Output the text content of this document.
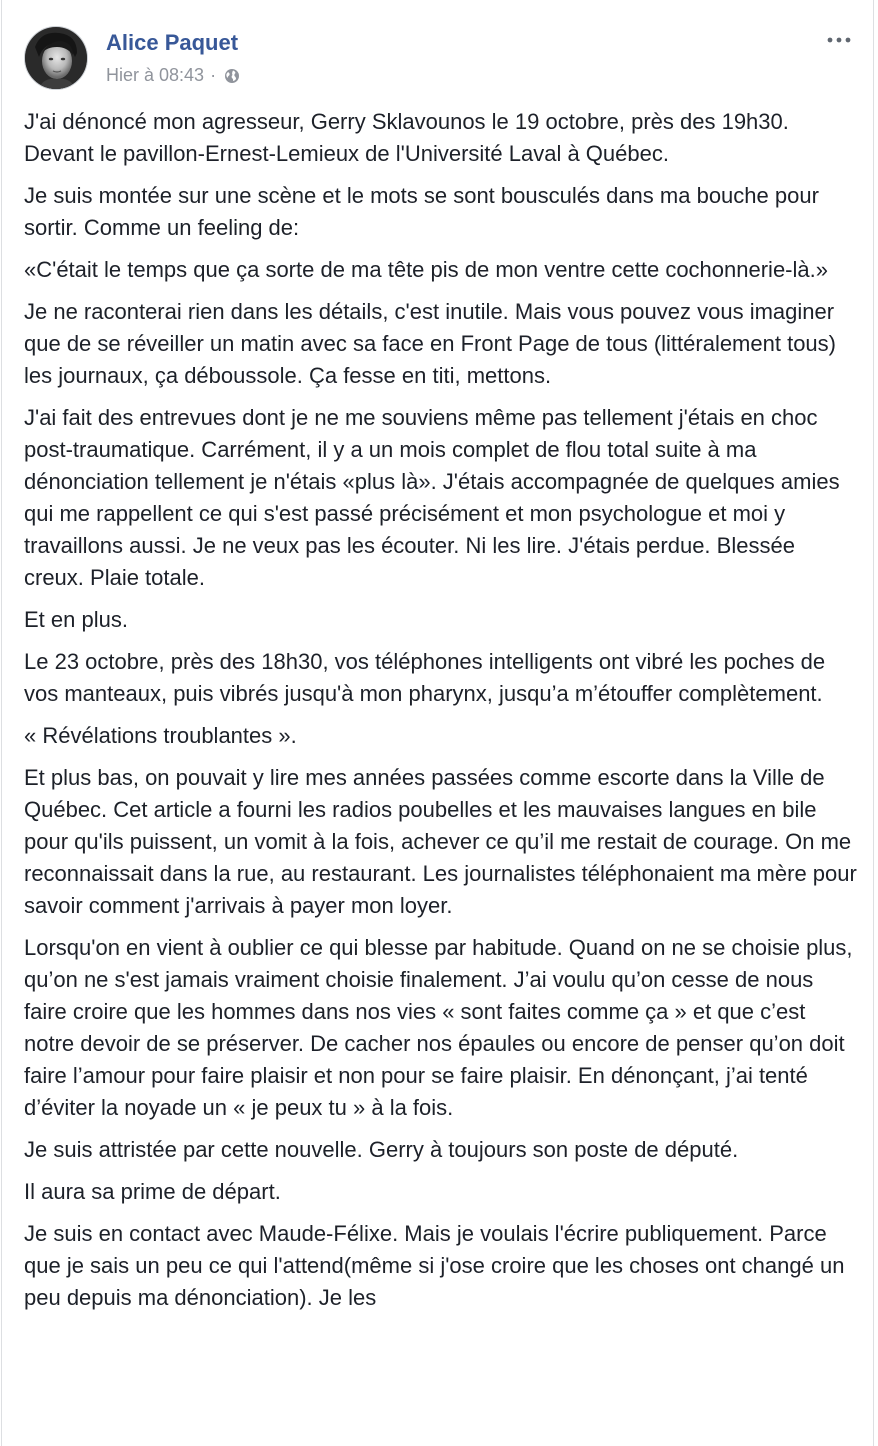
Alice Paquet
Hier à 08:43 ·

J'ai dénoncé mon agresseur, Gerry Sklavounos le 19 octobre, près des 19h30. Devant le pavillon-Ernest-Lemieux de l'Université Laval à Québec.

Je suis montée sur une scène et le mots se sont bousculés dans ma bouche pour sortir. Comme un feeling de:

«C'était le temps que ça sorte de ma tête pis de mon ventre cette cochonnerie-là.»

Je ne raconterai rien dans les détails, c'est inutile. Mais vous pouvez vous imaginer que de se réveiller un matin avec sa face en Front Page de tous (littéralement tous) les journaux, ça déboussole. Ça fesse en titi, mettons.

J'ai fait des entrevues dont je ne me souviens même pas tellement j'étais en choc post-traumatique. Carrément, il y a un mois complet de flou total suite à ma dénonciation tellement je n'étais «plus là». J'étais accompagnée de quelques amies qui me rappellent ce qui s'est passé précisément et mon psychologue et moi y travaillons aussi. Je ne veux pas les écouter. Ni les lire. J'étais perdue. Blessée creux. Plaie totale.

Et en plus.

Le 23 octobre, près des 18h30, vos téléphones intelligents ont vibré les poches de vos manteaux, puis vibrés jusqu'à mon pharynx, jusqu’a m’étouffer complètement.

« Révélations troublantes ».

Et plus bas, on pouvait y lire mes années passées comme escorte dans la Ville de Québec. Cet article a fourni les radios poubelles et les mauvaises langues en bile pour qu'ils puissent, un vomit à la fois, achever ce qu’il me restait de courage. On me reconnaissait dans la rue, au restaurant. Les journalistes téléphonaient ma mère pour savoir comment j'arrivais à payer mon loyer.

Lorsqu'on en vient à oublier ce qui blesse par habitude. Quand on ne se choisie plus, qu’on ne s'est jamais vraiment choisie finalement. J’ai voulu qu’on cesse de nous faire croire que les hommes dans nos vies « sont faites comme ça » et que c’est notre devoir de se préserver. De cacher nos épaules ou encore de penser qu’on doit faire l’amour pour faire plaisir et non pour se faire plaisir. En dénonçant, j’ai tenté d’éviter la noyade un « je peux tu » à la fois.

Je suis attristée par cette nouvelle. Gerry à toujours son poste de député.

Il aura sa prime de départ.

Je suis en contact avec Maude-Félixe. Mais je voulais l'écrire publiquement. Parce que je sais un peu ce qui l'attend(même si j'ose croire que les choses ont changé un peu depuis ma dénonciation). Je les
